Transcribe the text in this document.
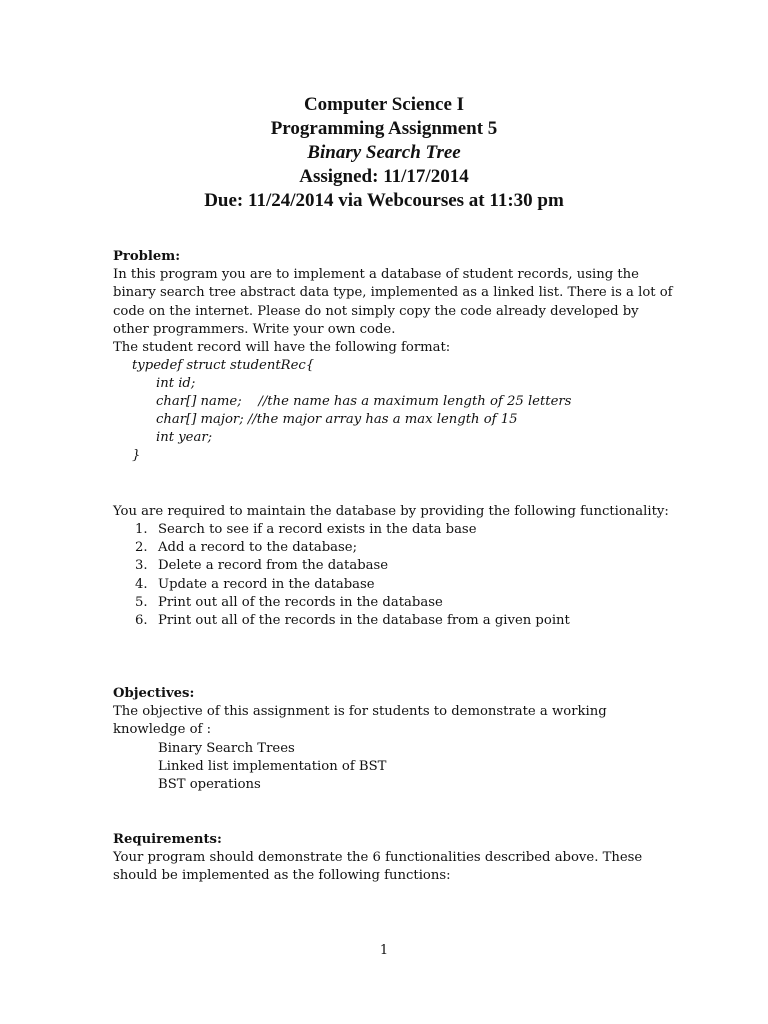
Computer Science I
Programming Assignment 5
Binary Search Tree
Assigned: 11/17/2014
Due: 11/24/2014 via Webcourses at 11:30 pm
Problem:
In this program you are to implement a database of student records, using the
binary search tree abstract data type, implemented as a linked list. There is a lot of
code on the internet. Please do not simply copy the code already developed by
other programmers. Write your own code.
The student record will have the following format:
typedef struct studentRec{
int id;
char[] name;    //the name has a maximum length of 25 letters
char[] major; //the major array has a max length of 15
int year;
}
You are required to maintain the database by providing the following functionality:
1. Search to see if a record exists in the data base
2. Add a record to the database;
3. Delete a record from the database
4. Update a record in the database
5. Print out all of the records in the database
6. Print out all of the records in the database from a given point
Objectives:
The objective of this assignment is for students to demonstrate a working
knowledge of :
Binary Search Trees
Linked list implementation of BST
BST operations
Requirements:
Your program should demonstrate the 6 functionalities described above. These
should be implemented as the following functions:
1
